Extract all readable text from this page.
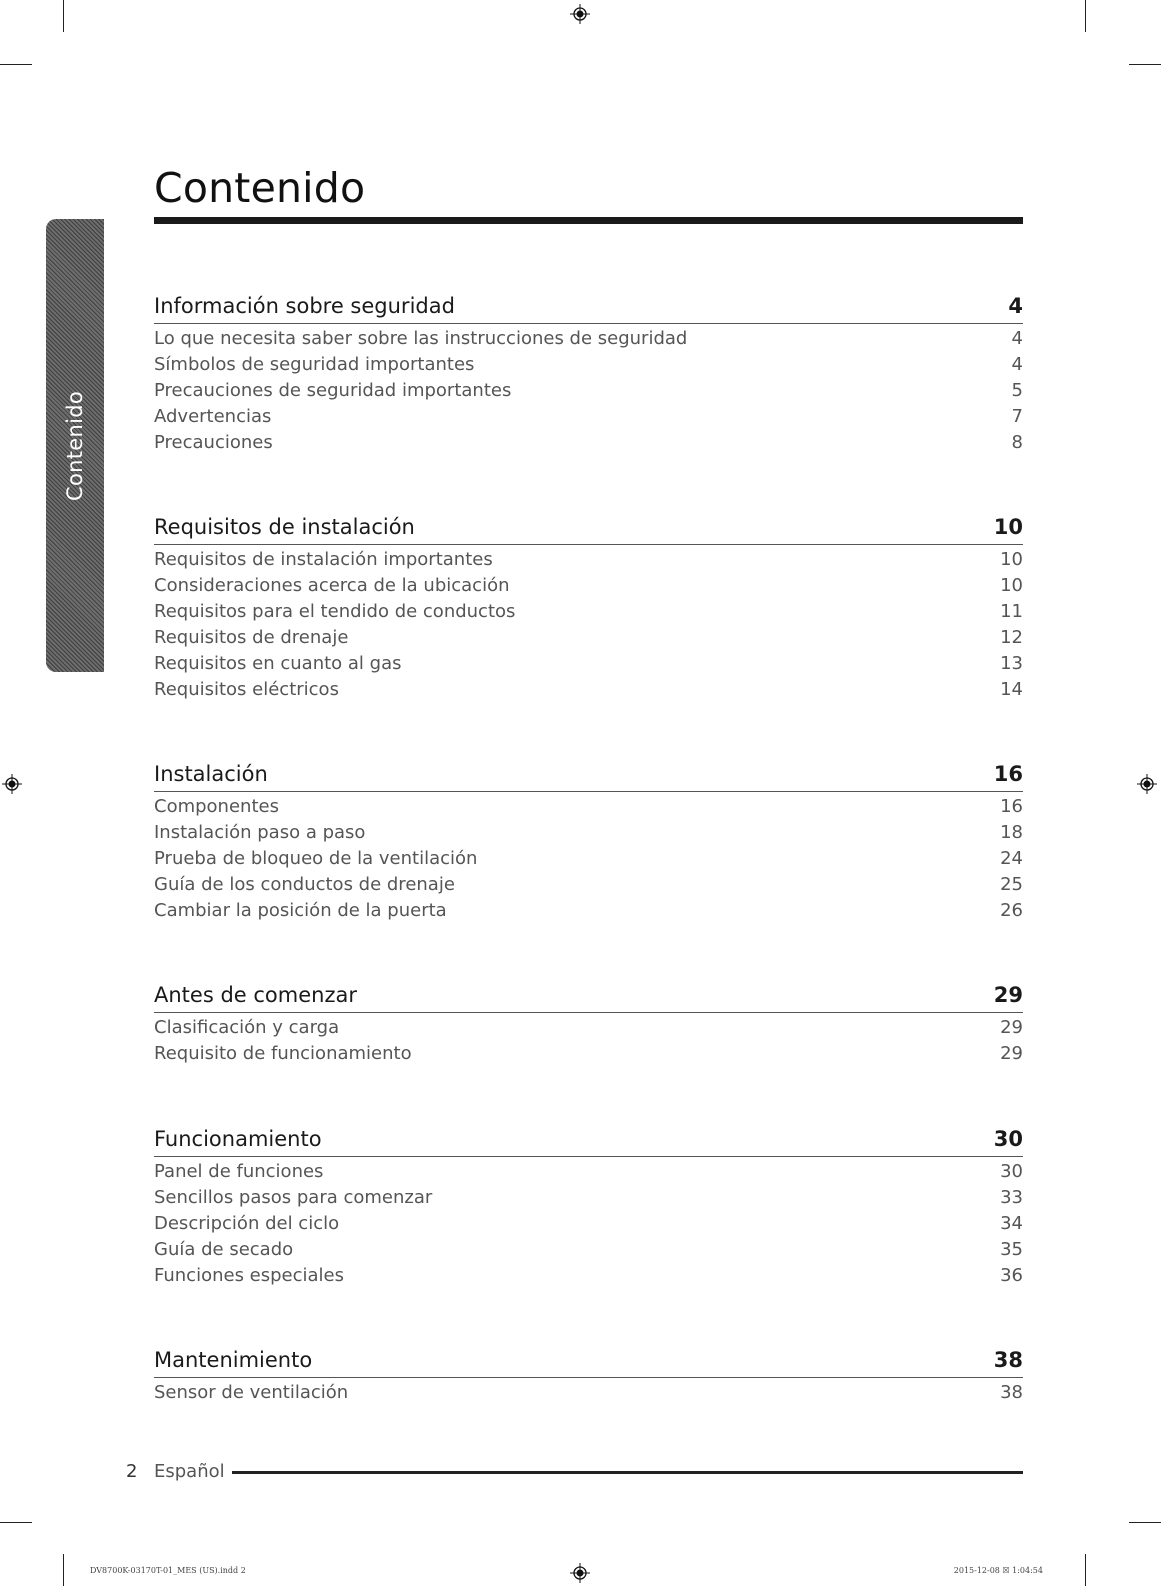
Contenido
Contenido
Información sobre seguridad	4
Lo que necesita saber sobre las instrucciones de seguridad	4
Símbolos de seguridad importantes	4
Precauciones de seguridad importantes	5
Advertencias	7
Precauciones	8
Requisitos de instalación	10
Requisitos de instalación importantes	10
Consideraciones acerca de la ubicación	10
Requisitos para el tendido de conductos	11
Requisitos de drenaje	12
Requisitos en cuanto al gas	13
Requisitos eléctricos	14
Instalación	16
Componentes	16
Instalación paso a paso	18
Prueba de bloqueo de la ventilación	24
Guía de los conductos de drenaje	25
Cambiar la posición de la puerta	26
Antes de comenzar	29
Clasificación y carga	29
Requisito de funcionamiento	29
Funcionamiento	30
Panel de funciones	30
Sencillos pasos para comenzar	33
Descripción del ciclo	34
Guía de secado	35
Funciones especiales	36
Mantenimiento	38
Sensor de ventilación	38
2 Español
DV8700K-03170T-01_MES (US).indd 2	2015-12-08 ☒ 1:04:54
